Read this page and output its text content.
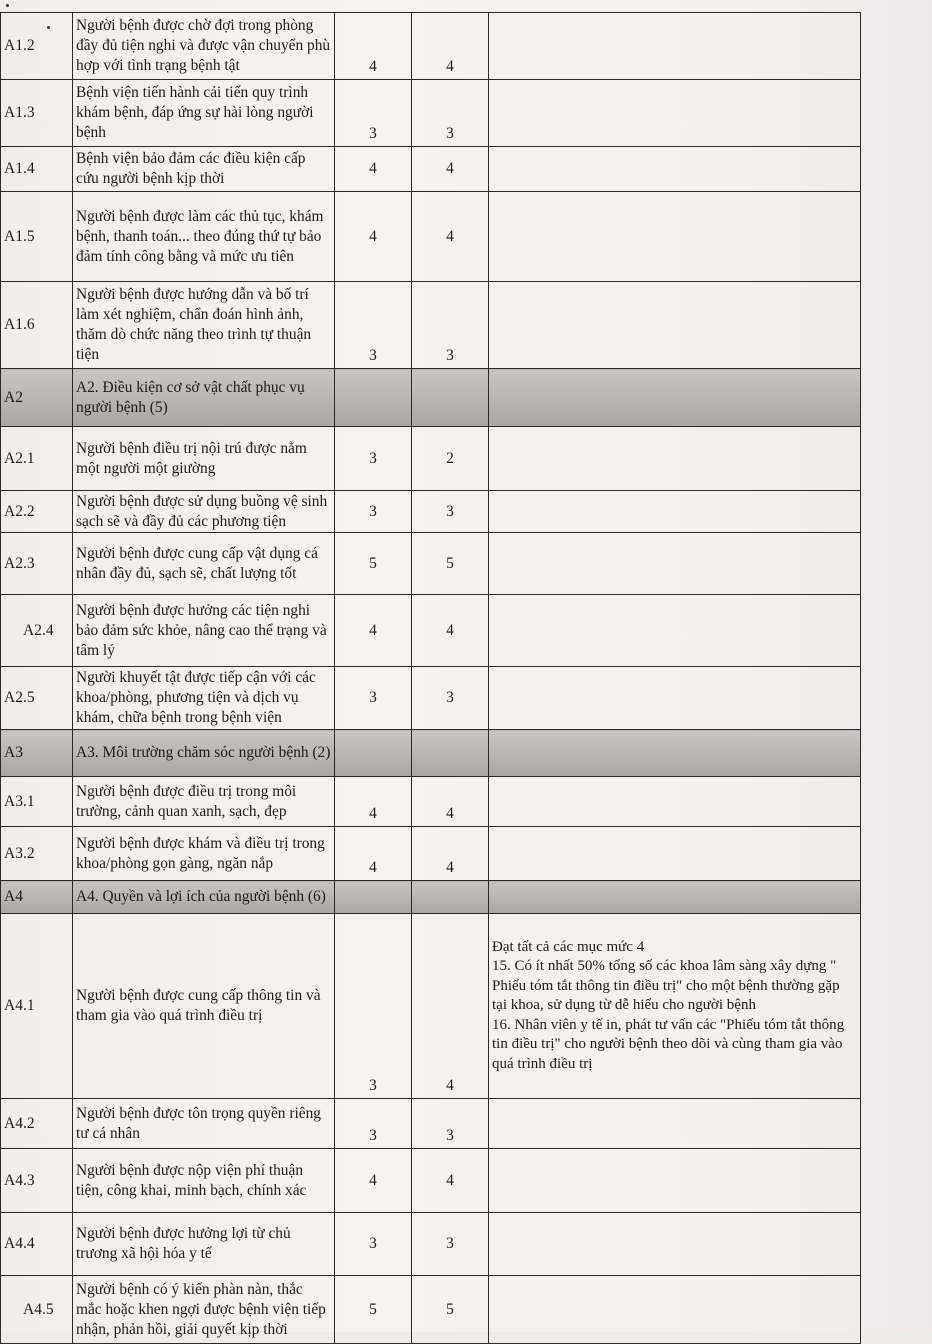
A1.2	Người bệnh được chờ đợi trong phòng đầy đủ tiện nghi và được vận chuyển phù hợp với tình trạng bệnh tật	4	4	
A1.3	Bệnh viện tiến hành cải tiến quy trình khám bệnh, đáp ứng sự hài lòng người bệnh	3	3	
A1.4	Bệnh viện bảo đảm các điều kiện cấp cứu người bệnh kịp thời	4	4	
A1.5	Người bệnh được làm các thủ tục, khám bệnh, thanh toán... theo đúng thứ tự bảo đảm tính công bằng và mức ưu tiên	4	4	
A1.6	Người bệnh được hướng dẫn và bố trí làm xét nghiệm, chẩn đoán hình ảnh, thăm dò chức năng theo trình tự thuận tiện	3	3	
A2	A2. Điều kiện cơ sở vật chất phục vụ người bệnh (5)			
A2.1	Người bệnh điều trị nội trú được nằm một người một giường	3	2	
A2.2	Người bệnh được sử dụng buồng vệ sinh sạch sẽ và đầy đủ các phương tiện	3	3	
A2.3	Người bệnh được cung cấp vật dụng cá nhân đầy đủ, sạch sẽ, chất lượng tốt	5	5	
A2.4	Người bệnh được hưởng các tiện nghi bảo đảm sức khỏe, nâng cao thể trạng và tâm lý	4	4	
A2.5	Người khuyết tật được tiếp cận với các khoa/phòng, phương tiện và dịch vụ khám, chữa bệnh trong bệnh viện	3	3	
A3	A3. Môi trường chăm sóc người bệnh (2)			
A3.1	Người bệnh được điều trị trong môi trường, cảnh quan xanh, sạch, đẹp	4	4	
A3.2	Người bệnh được khám và điều trị trong khoa/phòng gọn gàng, ngăn nắp	4	4	
A4	A4. Quyền và lợi ích của người bệnh (6)			
A4.1	Người bệnh được cung cấp thông tin và tham gia vào quá trình điều trị	3	4	Đạt tất cả các mục mức 4
15. Có ít nhất 50% tổng số các khoa lâm sàng xây dựng " Phiếu tóm tắt thông tin điều trị" cho một bệnh thường gặp tại khoa, sử dụng từ dễ hiểu cho người bệnh
16. Nhân viên y tế in, phát tư vấn các "Phiếu tóm tắt thông tin điều trị" cho người bệnh theo dõi và cùng tham gia vào quá trình điều trị
A4.2	Người bệnh được tôn trọng quyền riêng tư cá nhân	3	3	
A4.3	Người bệnh được nộp viện phí thuận tiện, công khai, minh bạch, chính xác	4	4	
A4.4	Người bệnh được hưởng lợi từ chủ trương xã hội hóa y tế	3	3	
A4.5	Người bệnh có ý kiến phàn nàn, thắc mắc hoặc khen ngợi được bệnh viện tiếp nhận, phản hồi, giải quyết kịp thời	5	5	
